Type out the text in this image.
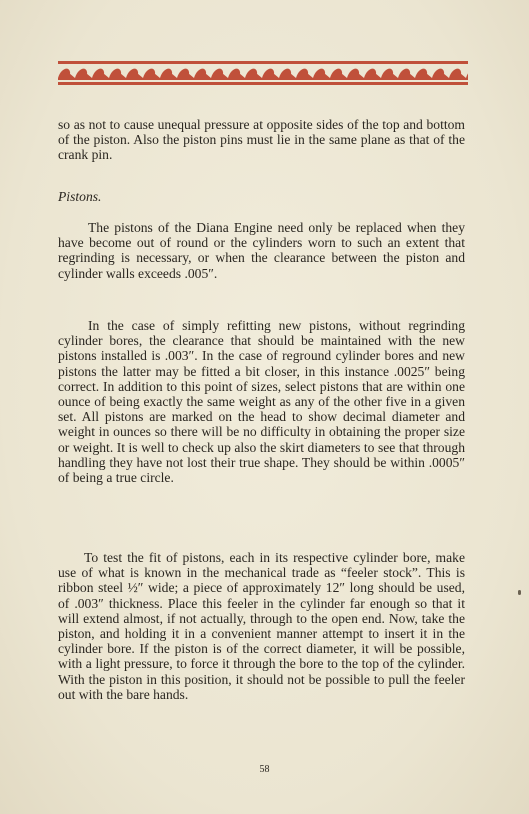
so as not to cause unequal pressure at opposite sides of the top and bottom of the piston. Also the piston pins must lie in the same plane as that of the crank pin.
Pistons.
The pistons of the Diana Engine need only be replaced when they have become out of round or the cylinders worn to such an extent that regrinding is necessary, or when the clearance between the piston and cylinder walls exceeds .005″.
In the case of simply refitting new pistons, without regrinding cylinder bores, the clearance that should be maintained with the new pistons installed is .003″. In the case of reground cylinder bores and new pistons the latter may be fitted a bit closer, in this instance .0025″ being correct. In addition to this point of sizes, select pistons that are within one ounce of being exactly the same weight as any of the other five in a given set. All pistons are marked on the head to show decimal diameter and weight in ounces so there will be no difficulty in obtaining the proper size or weight. It is well to check up also the skirt diameters to see that through handling they have not lost their true shape. They should be within .0005″ of being a true circle.
To test the fit of pistons, each in its respective cylinder bore, make use of what is known in the mechanical trade as “feeler stock”. This is ribbon steel ½″ wide; a piece of approximately 12″ long should be used, of .003″ thickness. Place this feeler in the cylinder far enough so that it will extend almost, if not actually, through to the open end. Now, take the piston, and holding it in a convenient manner attempt to insert it in the cylinder bore. If the piston is of the correct diameter, it will be possible, with a light pressure, to force it through the bore to the top of the cylinder. With the piston in this position, it should not be possible to pull the feeler out with the bare hands.
58
